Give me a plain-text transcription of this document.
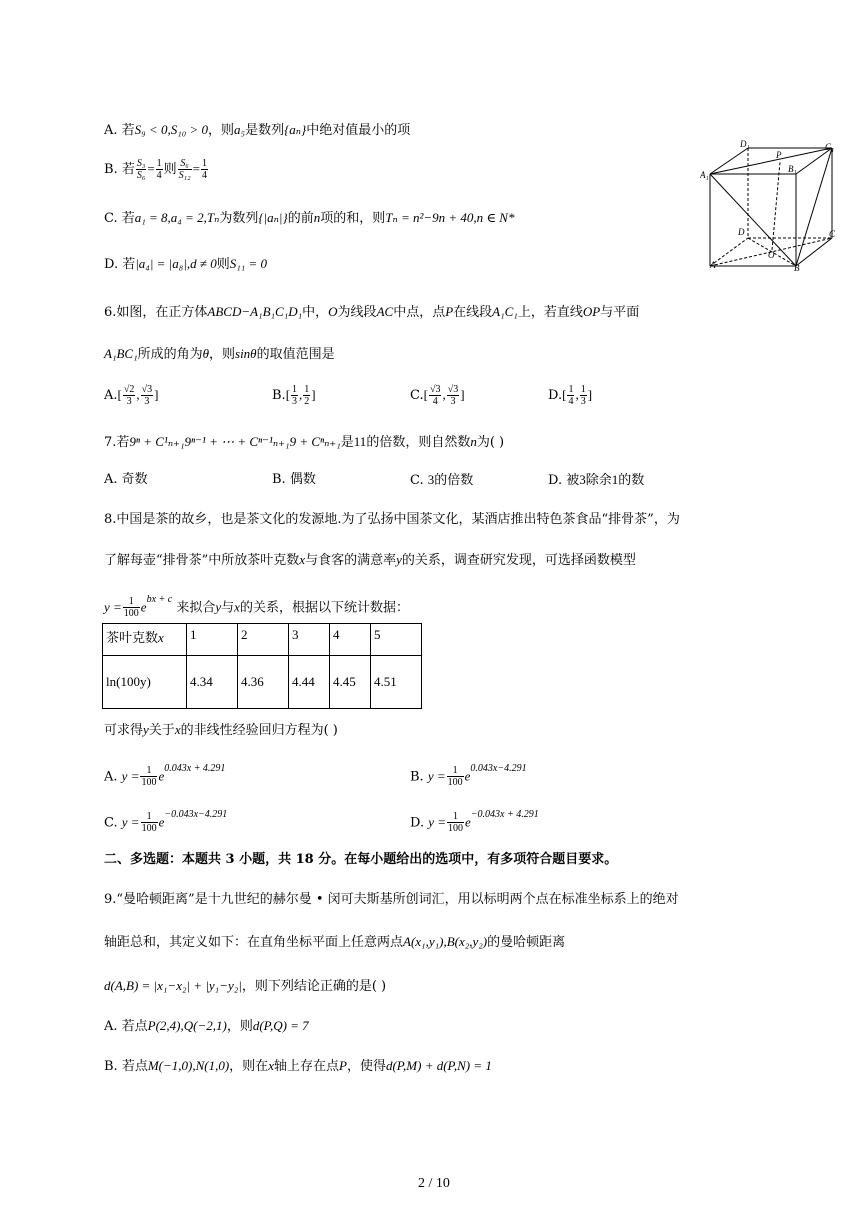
A. 若S₉ < 0,S₁₀ > 0，则a₅是数列{aₙ}中绝对值最小的项
B. 若 $\frac{\text{S₃}}{\text{S₆}} = \frac{1}{4}$ 则 $\frac{\text{S₆}}{\text{S₁₂}} = \frac{1}{4}$
C. 若a₁ = 8,a₄ = 2,Tₙ为数列{|aₙ|}的前n项的和，则Tₙ = n²−9n + 40,n ∈ N*
D. 若|a₄| = |a₈|,d ≠ 0则S₁₁ = 0
D₁
P
C₁
A₁
B₁
D
O
C
A	B
6.如图，在正方体ABCD−A₁B₁C₁D₁中，O为线段AC中点，点P在线段A₁C₁上，若直线OP与平面
A₁BC₁所成的角为θ，则sinθ的取值范围是
$A.[ \frac{√2}{3}$ , $\frac{√3}{3}$ ]	$B.[ \frac{1}{3}$ , $\frac{1}{2}$ ]	$C.[ \frac{√3}{4}$ , $\frac{√3}{3}$ ]	$D.[ \frac{1}{4}$ , $\frac{1}{3}$ ]
7.若9ⁿ + C¹ₙ₊₁9ⁿ⁻¹ + ⋯ + Cⁿ⁻¹ₙ₊₁9 + Cⁿₙ₊₁是11的倍数，则自然数n为( )
A. 奇数	B. 偶数	C. 3的倍数	D. 被3除余1的数
8.中国是茶的故乡，也是茶文化的发源地.为了弘扬中国茶文化，某酒店推出特色茶食品“排骨茶”，为
了解每壶“排骨茶”中所放茶叶克数x与食客的满意率y的关系，调查研究发现，可选择函数模型
$y = \frac{1}{100} e^{bx + c}$ 来拟合y与x的关系，根据以下统计数据：
茶叶克数x	1	2	3	4	5
ln(100y)	4.34	4.36	4.44	4.45	4.51
可求得y关于x的非线性经验回归方程为( )
A. $y = \frac{1}{100} e^{0.043x + 4.291}$
B. $y = \frac{1}{100} e^{0.043x-4.291}$
C. $y = \frac{1}{100} e^{-0.043x-4.291}$
D. $y = \frac{1}{100} e^{-0.043x + 4.291}$
二、多选题：本题共 3 小题，共 18 分。在每小题给出的选项中，有多项符合题目要求。
9.“曼哈顿距离”是十九世纪的赫尔曼 • 闵可夫斯基所创词汇，用以标明两个点在标准坐标系上的绝对
轴距总和，其定义如下：在直角坐标平面上任意两点A(x₁,y₁),B(x₂,y₂)的曼哈顿距离
d(A,B) = |x₁−x₂| + |y₁−y₂|，则下列结论正确的是( )
A. 若点P(2,4),Q(−2,1)，则d(P,Q) = 7
B. 若点M(−1,0),N(1,0)，则在x轴上存在点P，使得d(P,M) + d(P,N) = 1
2 / 10
